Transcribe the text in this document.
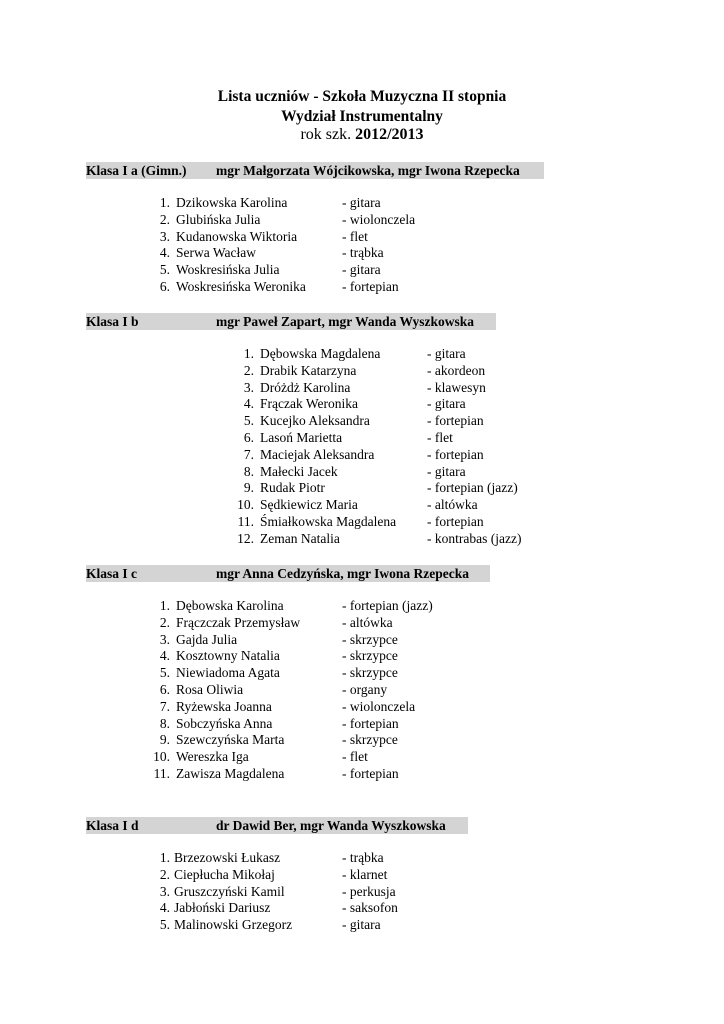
Lista uczniów - Szkoła Muzyczna II stopnia
Wydział Instrumentalny
rok szk. 2012/2013
Klasa I a (Gimn.) mgr Małgorzata Wójcikowska, mgr Iwona Rzepecka
1. Dzikowska Karolina	- gitara
2. Glubińska Julia	- wiolonczela
3. Kudanowska Wiktoria	- flet
4. Serwa Wacław	- trąbka
5. Woskresińska Julia	- gitara
6. Woskresińska Weronika	- fortepian
Klasa I b	mgr Paweł Zapart, mgr Wanda Wyszkowska
1. Dębowska Magdalena	- gitara
2. Drabik Katarzyna	- akordeon
3. Dróżdż Karolina	- klawesyn
4. Frączak Weronika	- gitara
5. Kucejko Aleksandra	- fortepian
6. Lasoń Marietta	- flet
7. Maciejak Aleksandra	- fortepian
8. Małecki Jacek	- gitara
9. Rudak Piotr	- fortepian (jazz)
10. Sędkiewicz Maria	- altówka
11. Śmiałkowska Magdalena - fortepian
12. Zeman Natalia	- kontrabas (jazz)
Klasa I c	mgr Anna Cedzyńska, mgr Iwona Rzepecka
1. Dębowska Karolina	- fortepian (jazz)
2. Frączczak Przemysław	- altówka
3. Gajda Julia	- skrzypce
4. Kosztowny Natalia	- skrzypce
5. Niewiadoma Agata	- skrzypce
6. Rosa Oliwia	- organy
7. Ryżewska Joanna	- wiolonczela
8. Sobczyńska Anna	- fortepian
9. Szewczyńska Marta	- skrzypce
10. Wereszka Iga	- flet
11. Zawisza Magdalena	- fortepian
Klasa I d	dr Dawid Ber, mgr Wanda Wyszkowska
1. Brzezowski Łukasz	- trąbka
2. Ciepłucha Mikołaj	- klarnet
3. Gruszczyński Kamil	- perkusja
4. Jabłoński Dariusz	- saksofon
5. Malinowski Grzegorz	- gitara
